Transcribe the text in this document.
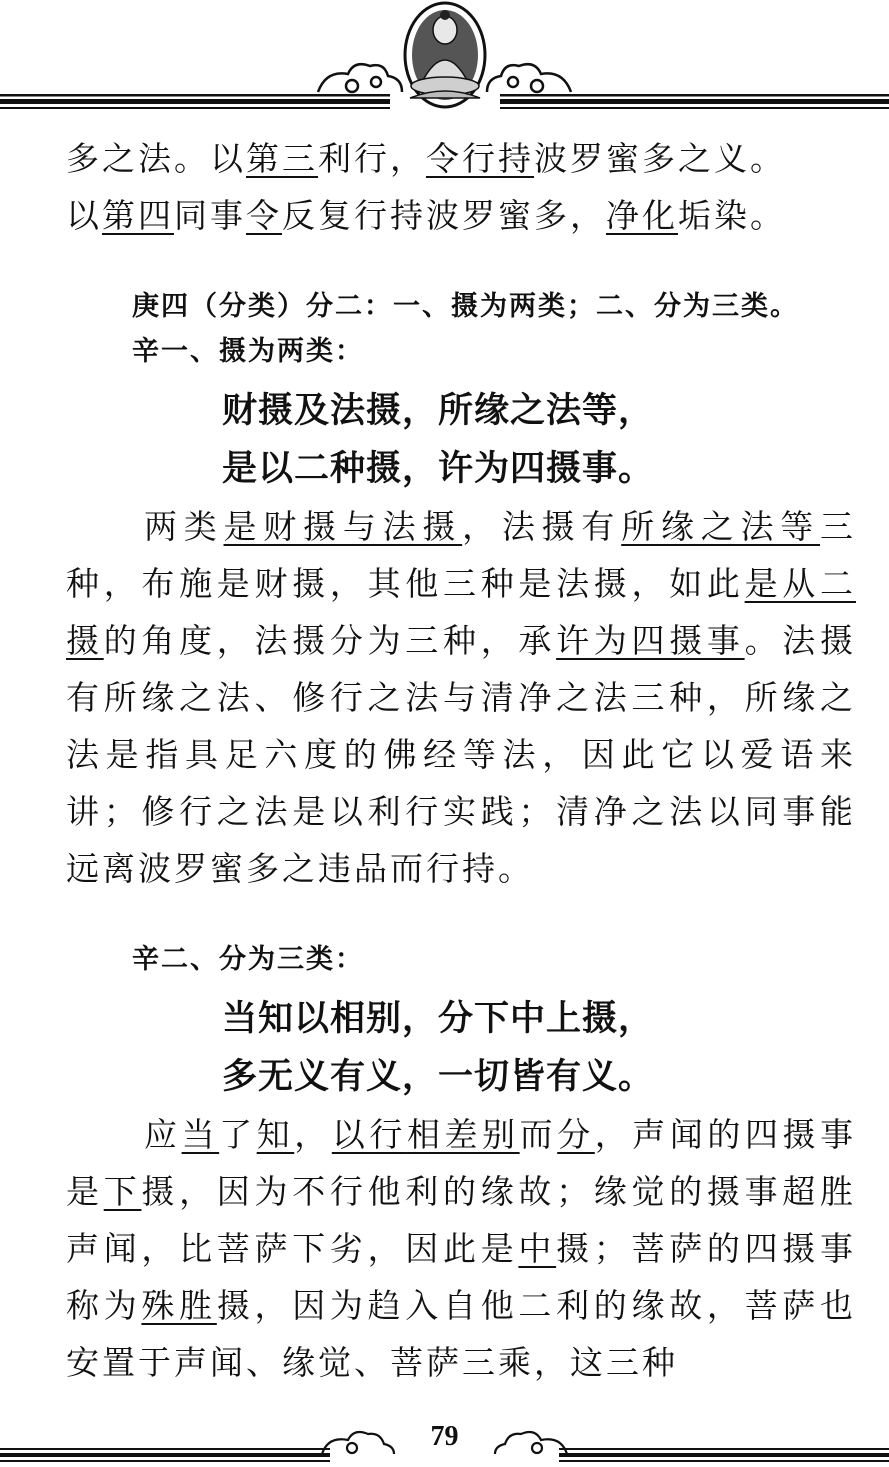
多之法。以第三利行，令行持波罗蜜多之义。
以第四同事令反复行持波罗蜜多，净化垢染。

庚四（分类）分二：一、摄为两类；二、分为三类。

辛一、摄为两类：

财摄及法摄，所缘之法等，

是以二种摄，许为四摄事。

两类是财摄与法摄，法摄有所缘之法等三种，布施是财摄，其他三种是法摄，如此是从二摄的角度，法摄分为三种，承许为四摄事。法摄有所缘之法、修行之法与清净之法三种，所缘之法是指具足六度的佛经等法，因此它以爱语来讲；修行之法是以利行实践；清净之法以同事能远离波罗蜜多之违品而行持。

辛二、分为三类：

当知以相别，分下中上摄，

多无义有义，一切皆有义。

应当了知，以行相差别而分，声闻的四摄事是下摄，因为不行他利的缘故；缘觉的摄事超胜声闻，比菩萨下劣，因此是中摄；菩萨的四摄事称为殊胜摄，因为趋入自他二利的缘故，菩萨也安置于声闻、缘觉、菩萨三乘，这三种

79
